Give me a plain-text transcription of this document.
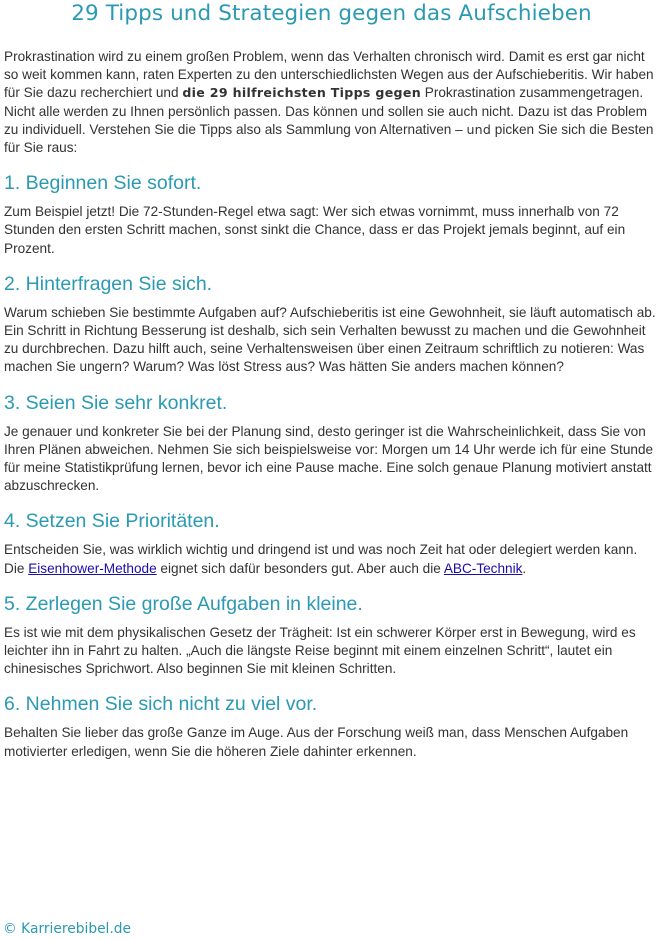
29 Tipps und Strategien gegen das Aufschieben

Prokrastination wird zu einem großen Problem, wenn das Verhalten chronisch wird. Damit es erst gar nicht so weit kommen kann, raten Experten zu den unterschiedlichsten Wegen aus der Aufschieberitis. Wir haben für Sie dazu recherchiert und die 29 hilfreichsten Tipps gegen Prokrastination zusammengetragen. Nicht alle werden zu Ihnen persönlich passen. Das können und sollen sie auch nicht. Dazu ist das Problem zu individuell. Verstehen Sie die Tipps also als Sammlung von Alternativen – und picken Sie sich die Besten für Sie raus:

1. Beginnen Sie sofort.

Zum Beispiel jetzt! Die 72-Stunden-Regel etwa sagt: Wer sich etwas vornimmt, muss innerhalb von 72 Stunden den ersten Schritt machen, sonst sinkt die Chance, dass er das Projekt jemals beginnt, auf ein Prozent.

2. Hinterfragen Sie sich.

Warum schieben Sie bestimmte Aufgaben auf? Aufschieberitis ist eine Gewohnheit, sie läuft automatisch ab. Ein Schritt in Richtung Besserung ist deshalb, sich sein Verhalten bewusst zu machen und die Gewohnheit zu durchbrechen. Dazu hilft auch, seine Verhaltensweisen über einen Zeitraum schriftlich zu notieren: Was machen Sie ungern? Warum? Was löst Stress aus? Was hätten Sie anders machen können?

3. Seien Sie sehr konkret.

Je genauer und konkreter Sie bei der Planung sind, desto geringer ist die Wahrscheinlichkeit, dass Sie von Ihren Plänen abweichen. Nehmen Sie sich beispielsweise vor: Morgen um 14 Uhr werde ich für eine Stunde für meine Statistikprüfung lernen, bevor ich eine Pause mache. Eine solch genaue Planung motiviert anstatt abzuschrecken.

4. Setzen Sie Prioritäten.

Entscheiden Sie, was wirklich wichtig und dringend ist und was noch Zeit hat oder delegiert werden kann. Die Eisenhower-Methode eignet sich dafür besonders gut. Aber auch die ABC-Technik.

5. Zerlegen Sie große Aufgaben in kleine.

Es ist wie mit dem physikalischen Gesetz der Trägheit: Ist ein schwerer Körper erst in Bewegung, wird es leichter ihn in Fahrt zu halten. „Auch die längste Reise beginnt mit einem einzelnen Schritt“, lautet ein chinesisches Sprichwort. Also beginnen Sie mit kleinen Schritten.

6. Nehmen Sie sich nicht zu viel vor.

Behalten Sie lieber das große Ganze im Auge. Aus der Forschung weiß man, dass Menschen Aufgaben motivierter erledigen, wenn Sie die höheren Ziele dahinter erkennen.

© Karrierebibel.de
